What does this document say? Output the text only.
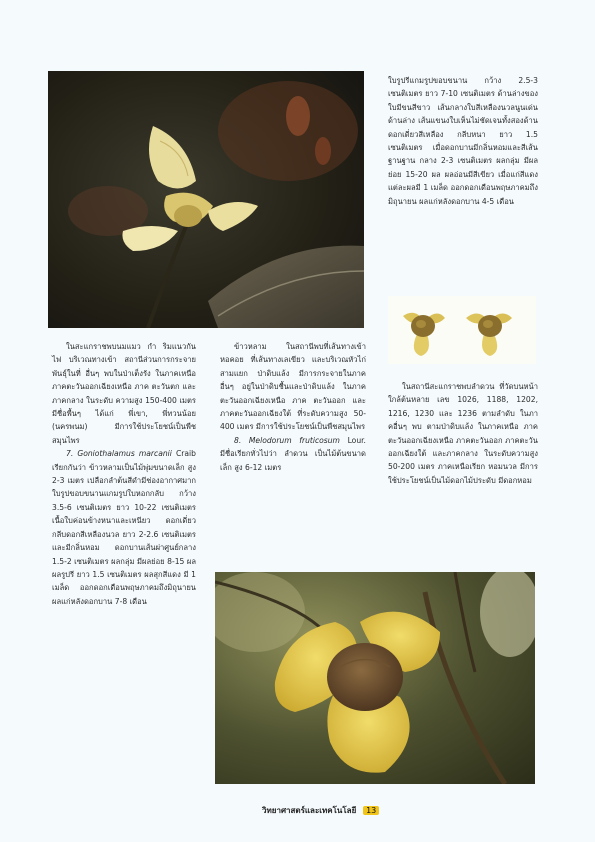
ใบรูปรีแกมรูปขอบขนาน กว้าง 2.5-3 เซนติเมตร ยาว 7-10 เซนติเมตร ด้านล่างของใบมีขนสีขาว เส้นกลางใบสีเหลืองนวลนูนเด่นด้านล่าง เส้นแขนงใบเห็นไม่ชัดเจนทั้งสองด้าน ดอกเดี่ยวสีเหลือง กลีบหนา ยาว 1.5 เซนติเมตร เมื่อดอกบานมีกลิ่นหอมและสีเส้นฐานฐาน กลาง 2-3 เซนติเมตร ผลกลุ่ม มีผลย่อย 15-20 ผล ผลอ่อนมีสีเขียว เมื่อแก่สีแดง แต่ละผลมี 1 เมล็ด ออกดอกเดือนพฤษภาคมถึงมิถุนายน ผลแก่หลังดอกบาน 4-5 เดือน

ในสะแกราชพบนมแมว กำ ริมแนวกันไฟ บริเวณทางเข้า สถานีส่วนการกระจายพันธุ์ในที่ อื่นๆ พบในป่าเต็งรัง ในภาคเหนือ ภาคตะวันออกเฉียงเหนือ ภาค ตะวันตก และภาคกลาง ในระดับ ความสูง 150-400 เมตร มีชื่อพื้นๆ ได้แก่ พี่เขา, พี่ทวนน้อย (นครพนม) มีการใช้ประโยชน์เป็นพืชสมุนไพร

7. Goniothalamus marcanii Craib เรียกกันว่า ข้าวหลามเป็นไม้พุ่มขนาดเล็ก สูง 2-3 เมตร เปลือกลำต้นสีดำมีช่องอากาศมาก ใบรูปขอบขนานแกมรูปใบหอกกลับ กว้าง 3.5-6 เซนติเมตร ยาว 10-22 เซนติเมตร เนื้อใบค่อนข้างหนาและเหนียว ดอกเดี่ยว กลีบดอกสีเหลืองนวล ยาว 2-2.6 เซนติเมตรและมีกลิ่นหอม ดอกบานเส้นผ่าศูนย์กลาง 1.5-2 เซนติเมตร ผลกลุ่ม มีผลย่อย 8-15 ผล ผลรูปรี ยาว 1.5 เซนติเมตร ผลสุกสีแดง มี 1 เมล็ด ออกดอกเดือนพฤษภาคมถึงมิถุนายน ผลแก่หลังดอกบาน 7-8 เดือน

ข้าวหลาม ในสถานีพบที่เส้นทางเข้าหอคอย ที่เส้นทางเลเขียว และบริเวณหัวไก่สามแยก ป่าดิบแล้ง มีการกระจายในภาค อื่นๆ อยู่ในป่าดิบชื้นและป่าดิบแล้ง ในภาคตะวันออกเฉียงเหนือ ภาค ตะวันออก และภาคตะวันออกเฉียงใต้ ที่ระดับความสูง 50-400 เมตร มีการใช้ประโยชน์เป็นพืชสมุนไพร

8. Melodorum fruticosum Lour. มีชื่อเรียกทั่วไปว่า ลำดวน เป็นไม้ต้นขนาดเล็ก สูง 6-12 เมตร

ในสถานีสะแกราชพบลำดวน ที่วัดบนหน้าใกล้ต้นหลาย เลข 1026, 1188, 1202, 1216, 1230 และ 1236 ตามลำดับ ในภาคอื่นๆ พบ ตามป่าดิบแล้ง ในภาคเหนือ ภาค ตะวันออกเฉียงเหนือ ภาคตะวันออก ภาคตะวันออกเฉียงใต้ และภาคกลาง ในระดับความสูง 50-200 เมตร ภาคเหนือเรียก หอมนวล มีการใช้ประโยชน์เป็นไม้ดอกไม้ประดับ มีดอกหอม

วิทยาศาสตร์และเทคโนโลยี 13
